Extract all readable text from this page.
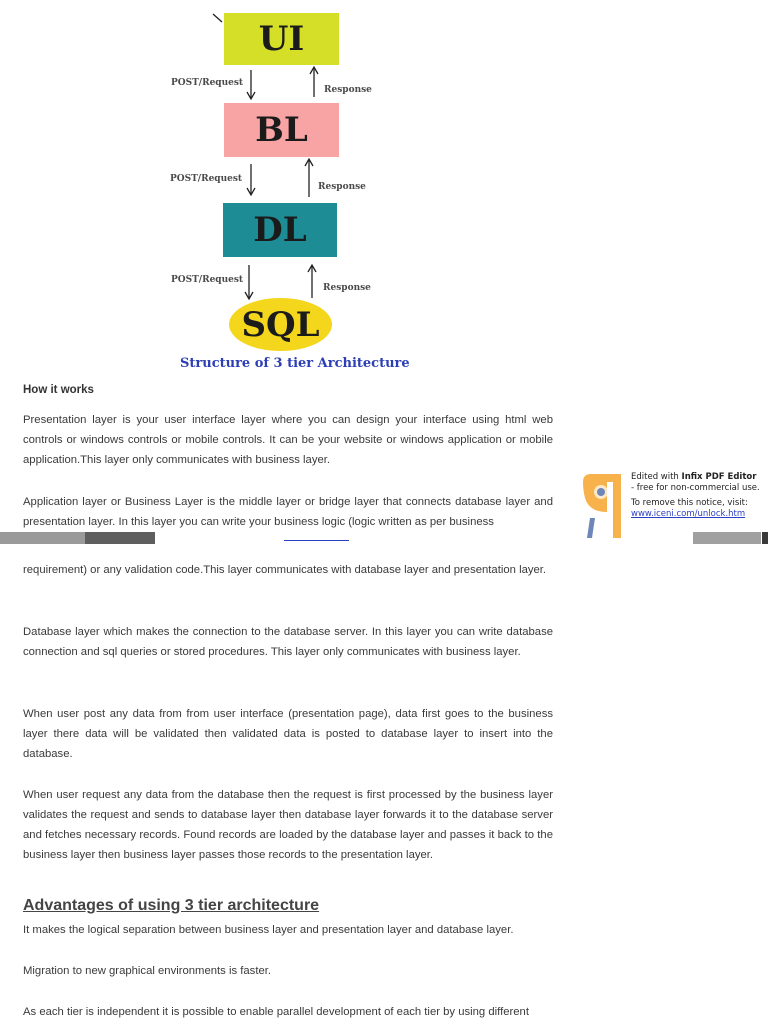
UI
BL
DL
SQL
POST/Request
Response
POST/Request
Response
POST/Request
Response
Structure of 3 tier Architecture
How it works
Presentation layer is your user interface layer where you can design your interface using html web controls or windows controls or mobile controls. It can be your website or windows application or mobile application.This layer only communicates with business layer.
Application layer or Business Layer is the middle layer or bridge layer that connects database layer and presentation layer. In this layer you can write your business logic (logic written as per business
requirement) or any validation code.This layer communicates with database layer and presentation layer.
Database layer which makes the connection to the database server. In this layer you can write database connection and sql queries or stored procedures. This layer only communicates with business layer.
When user post any data from from user interface (presentation page), data first goes to the business layer there data will be validated then validated data is posted to database layer to insert into the database.
When user request any data from the database then the request is first processed by the business layer validates the request and sends to database layer then database layer forwards it to the database server and fetches necessary records. Found records are loaded by the database layer and passes it back to the business layer then business layer passes those records to the presentation layer.
Advantages of using 3 tier architecture
It makes the logical separation between business layer and presentation layer and database layer.
Migration to new graphical environments is faster.
As each tier is independent it is possible to enable parallel development of each tier by using different
Edited with Infix PDF Editor
- free for non-commercial use.
To remove this notice, visit:
www.iceni.com/unlock.htm
